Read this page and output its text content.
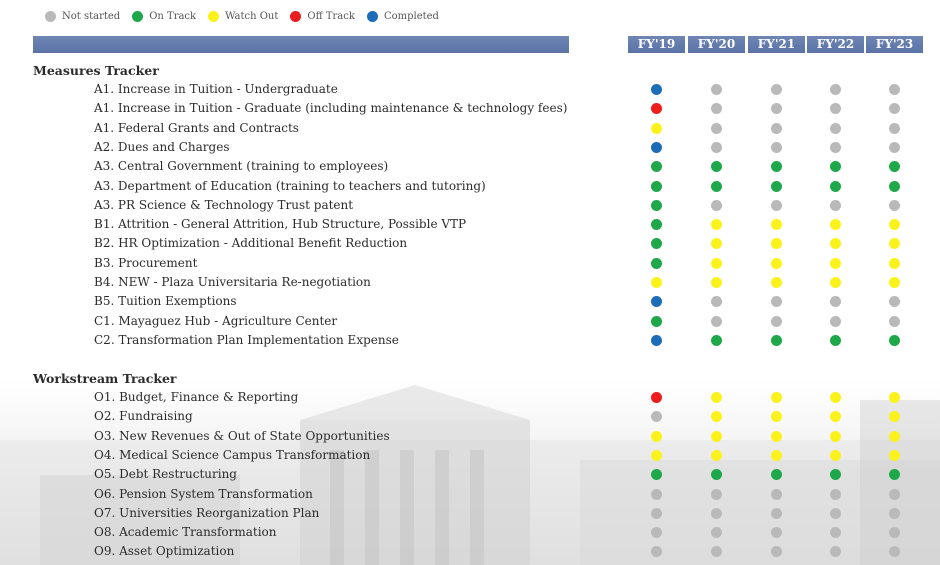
Not started	On Track	Watch Out	Off Track	Completed
FY'19	FY'20	FY'21	FY'22	FY'23
Measures Tracker
A1. Increase in Tuition - Undergraduate
A1. Increase in Tuition - Graduate (including maintenance & technology fees)
A1. Federal Grants and Contracts
A2. Dues and Charges
A3. Central Government (training to employees)
A3. Department of Education (training to teachers and tutoring)
A3. PR Science & Technology Trust patent
B1. Attrition - General Attrition, Hub Structure, Possible VTP
B2. HR Optimization - Additional Benefit Reduction
B3. Procurement
B4. NEW - Plaza Universitaria Re-negotiation
B5. Tuition Exemptions
C1. Mayaguez Hub - Agriculture Center
C2. Transformation Plan Implementation Expense
Workstream Tracker
O1. Budget, Finance & Reporting
O2. Fundraising
O3. New Revenues & Out of State Opportunities
O4. Medical Science Campus Transformation
O5. Debt Restructuring
O6. Pension System Transformation
O7. Universities Reorganization Plan
O8. Academic Transformation
O9. Asset Optimization
